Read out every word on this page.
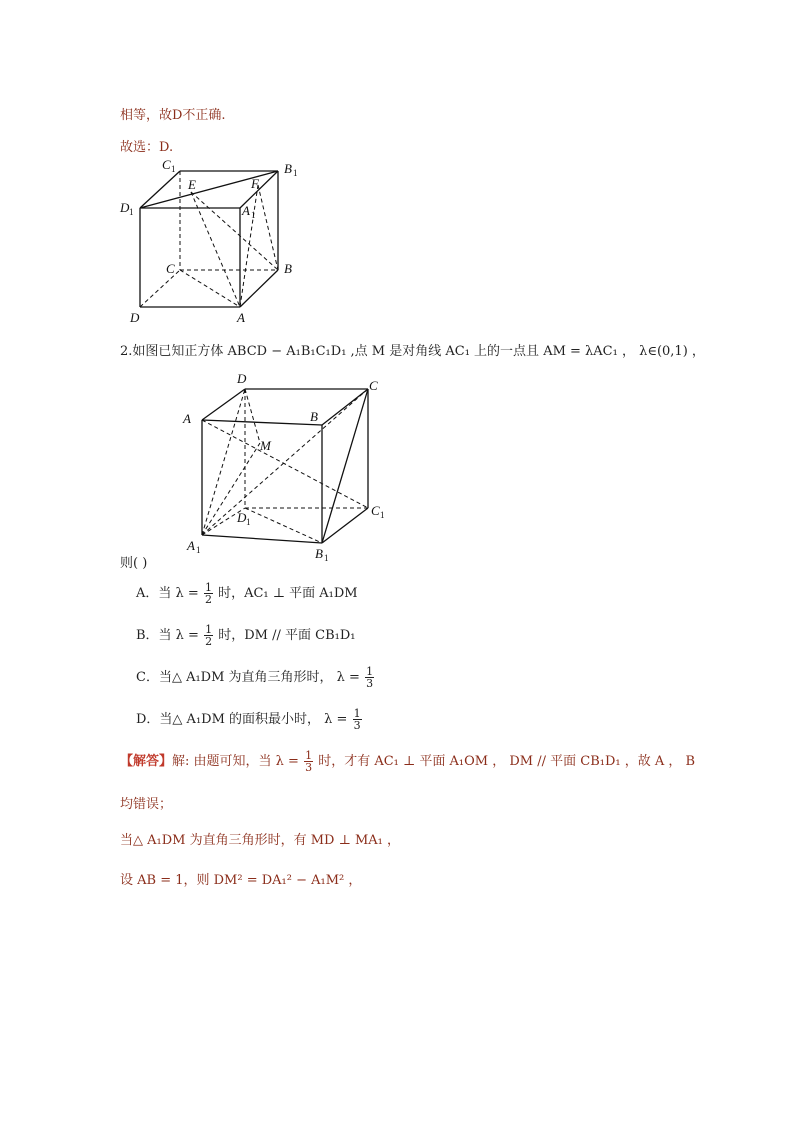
相等，故D不正确.
故选：D.
C 1	B 1
D 1	A 1
E	F
C	B
D	A
2.如图已知正方体 ABCD − A₁B₁C₁D₁ ,点 M 是对角线 AC₁ 上的一点且 AM = λAC₁ ， λ∈(0,1) ，
D	C
A	B
M
D 1
C 1
A 1	B 1
则( )
A．当 $\lambda = \frac{1}{2}$ 时，AC₁ ⊥ 平面 A₁DM
B．当 $\lambda = \frac{1}{2}$ 时，DM // 平面 CB₁D₁
C．当△ A₁DM 为直角三角形时， $\lambda = \frac{1}{3}$
D．当△ A₁DM 的面积最小时， $\lambda = \frac{1}{3}$
【解答】解: 由题可知，当 $\lambda = \frac{1}{3}$ 时，才有 AC₁ ⊥ 平面 A₁OM ， DM // 平面 CB₁D₁ ，故 A ， B
均错误；
当△ A₁DM 为直角三角形时，有 MD ⊥ MA₁ ，
设 AB = 1，则 DM² = DA₁² − A₁M² ，
